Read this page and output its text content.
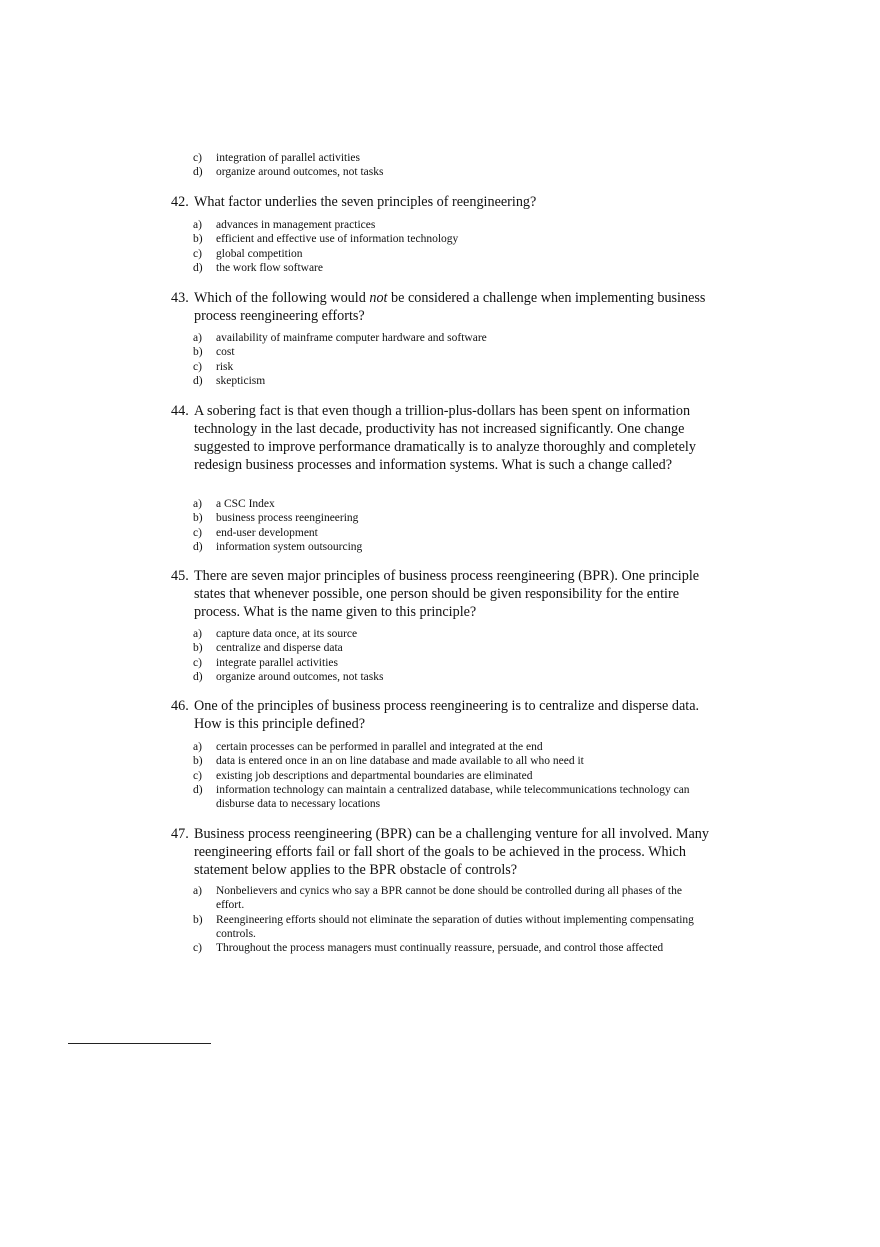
c)	integration of parallel activities
d)	organize around outcomes, not tasks
42. What factor underlies the seven principles of reengineering?
a)	advances in management practices
b)	efficient and effective use of information technology
c)	global competition
d)	the work flow software
43. Which of the following would not be considered a challenge when implementing business process reengineering efforts?
a)	availability of mainframe computer hardware and software
b)	cost
c)	risk
d)	skepticism
44. A sobering fact is that even though a trillion-plus-dollars has been spent on information technology in the last decade, productivity has not increased significantly. One change suggested to improve performance dramatically is to analyze thoroughly and completely redesign business processes and information systems. What is such a change called?
a)	a CSC Index
b)	business process reengineering
c)	end-user development
d)	information system outsourcing
45. There are seven major principles of business process reengineering (BPR). One principle states that whenever possible, one person should be given responsibility for the entire process. What is the name given to this principle?
a)	capture data once, at its source
b)	centralize and disperse data
c)	integrate parallel activities
d)	organize around outcomes, not tasks
46. One of the principles of business process reengineering is to centralize and disperse data. How is this principle defined?
a)	certain processes can be performed in parallel and integrated at the end
b)	data is entered once in an on line database and made available to all who need it
c)	existing job descriptions and departmental boundaries are eliminated
d)	information technology can maintain a centralized database, while telecommunications technology can disburse data to necessary locations
47. Business process reengineering (BPR) can be a challenging venture for all involved. Many reengineering efforts fail or fall short of the goals to be achieved in the process. Which statement below applies to the BPR obstacle of controls?
a)	Nonbelievers and cynics who say a BPR cannot be done should be controlled during all phases of the effort.
b)	Reengineering efforts should not eliminate the separation of duties without implementing compensating controls.
c)	Throughout the process managers must continually reassure, persuade, and control those affected
